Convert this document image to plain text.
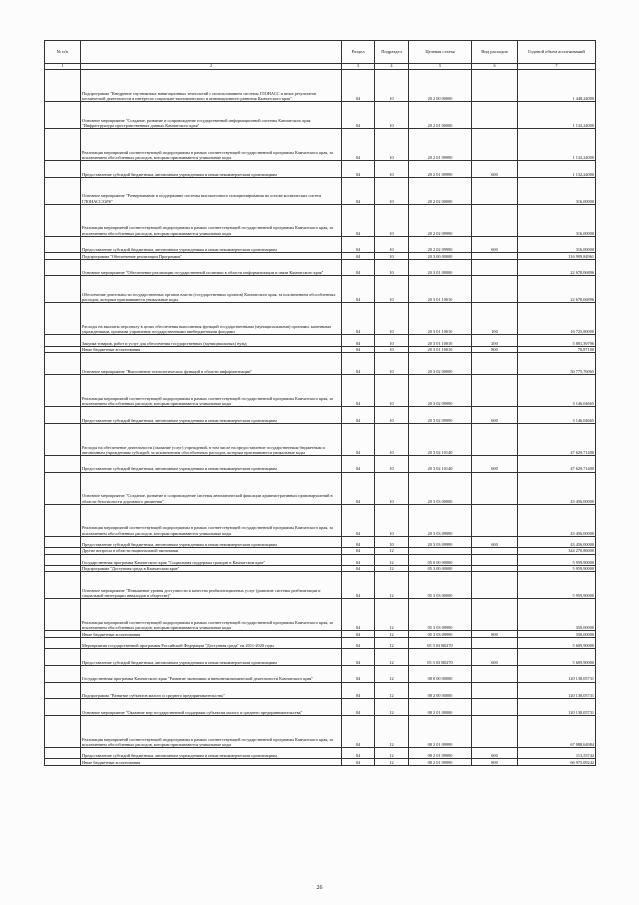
№ п/п		Раздел	Подраздел	Целевая статья	Вид расходов	Годовой объем ассигнований
1	2	3	4	5	6	7
	Подпрограмма "Внедрение спутниковых навигационных технологий с использованием системы ГЛОНАСС и иных результатов космической деятельности в интересах социально-экономического и инновационного развития Камчатского края"	04	10	20 2 00 00000		1 448,24000
	Основное мероприятие "Создание, развитие и сопровождение государственной информационной системы Камчатского края "Инфраструктура пространственных данных Камчатского края"	04	10	20 2 01 00000		1 132,24000
	Реализация мероприятий соответствующей подпрограммы в рамках соответствующей государственной программы Камчатского края, за исключением обособленных расходов, которым присваиваются уникальные коды	04	10	20 2 01 09990		1 132,24000
	Предоставление субсидий бюджетным, автономным учреждениям и иным некоммерческим организациям	04	10	20 2 01 09990	600	1 132,24000
	Основное мероприятие "Развертывание и поддержание системы высокоточного позиционирования на основе космических систем ГЛОНАСС/GPS"	04	10	20 2 02 00000		316,00000
	Реализация мероприятий соответствующей подпрограммы в рамках соответствующей государственной программы Камчатского края, за исключением обособленных расходов, которым присваиваются уникальные коды	04	10	20 2 02 09990		316,00000
	Предоставление субсидий бюджетным, автономным учреждениям и иным некоммерческим организациям	04	10	20 2 02 09990	600	316,00000
	Подпрограмма "Обеспечение реализации Программы"	04	10	20 3 00 00000		116 909,84961
	Основное мероприятие "Обеспечение реализации государственной политики в области информатизации и связи Камчатского края"	04	10	20 3 01 00000		22 678,06896
	Обеспечение деятельности государственных органов власти (государственных органов) Камчатского края, за исключением обособленных расходов, которым присваиваются уникальные коды	04	10	20 3 01 10010		22 678,06896
	Расходы на выплаты персоналу в целях обеспечения выполнения функций государственными (муниципальными) органами, казенными учреждениями, органами управления государственными внебюджетными фондами	04	10	20 3 01 10010	100	16 725,80000
	Закупка товаров, работ и услуг для обеспечения государственных (муниципальных) нужд	04	10	20 3 01 10010	200	5 881,39796
	Иные бюджетные ассигнования	04	10	20 3 01 10010	800	70,87100
	Основное мероприятие "Выполнение технологических функций в области информатизации"	04	10	20 3 02 00000		50 775,76065
	Реализация мероприятий соответствующей подпрограммы в рамках соответствующей государственной программы Камчатского края, за исключением обособленных расходов, которым присваиваются уникальные коды	04	10	20 3 02 09990		3 146,04665
	Предоставление субсидий бюджетным, автономным учреждениям и иным некоммерческим организациям	04	10	20 3 02 09990	600	3 146,04665
	Расходы на обеспечение деятельности (оказание услуг) учреждений, в том числе на предоставление государственным бюджетным и автономным учреждениям субсидий, за исключением обособленных расходов, которым присваиваются уникальные коды	04	10	20 3 02 10140		47 629,71400
	Предоставление субсидий бюджетным, автономным учреждениям и иным некоммерческим организациям	04	10	20 3 02 10140	600	47 629,71400
	Основное мероприятие "Создание, развитие и сопровождение системы автоматической фиксации административных правонарушений в области безопасности дорожного движения"	04	10	20 3 03 00000		43 456,00000
	Реализация мероприятий соответствующей подпрограммы в рамках соответствующей государственной программы Камчатского края, за исключением обособленных расходов, которым присваиваются уникальные коды	04	10	20 3 03 09990		43 456,00000
	Предоставление субсидий бюджетным, автономным учреждениям и иным некоммерческим организациям	04	10	20 3 03 09990	600	43 456,00000
	Другие вопросы в области национальной экономики	04	12			344 270,86000
	Государственная программа Камчатского края "Социальная поддержка граждан в Камчатском крае"	04	12	05 0 00 00000		5 959,90000
	Подпрограмма "Доступная среда в Камчатском крае"	04	12	05 3 00 00000		5 959,90000
	Основное мероприятие "Повышение уровня доступности и качества реабилитационных услуг (развитие системы реабилитации и социальной интеграции инвалидов в обществе)"	04	12	05 3 03 00000		5 959,90000
	Реализация мероприятий соответствующей подпрограммы в рамках соответствующей государственной программы Камчатского края, за исключением обособленных расходов, которым присваиваются уникальные коды	04	12	05 3 03 09990		350,00000
	Иные бюджетные ассигнования	04	12	05 3 03 09990	800	350,00000
	Мероприятия государственной программы Российской Федерации "Доступная среда" на 2011-2020 годы	04	12	05 3 03 R0270		5 609,90000
	Предоставление субсидий бюджетным, автономным учреждениям и иным некоммерческим организациям	04	12	05 3 03 R0270	600	5 609,90000
	Государственная программа Камчатского края "Развитие экономики и внешнеэкономической деятельности Камчатского края"	04	12	08 0 00 00000		120 138,05731
	Подпрограмма "Развитие субъектов малого и среднего предпринимательства"	04	12	08 2 00 00000		120 138,05731
	Основное мероприятие "Оказание мер государственной поддержки субъектам малого и среднего предпринимательства"	04	12	08 2 01 00000		120 138,05731
	Реализация мероприятий соответствующей подпрограммы в рамках соответствующей государственной программы Камчатского края, за исключением обособленных расходов, которым присваиваются уникальные коды	04	12	08 2 01 09990		67 088,64984
	Предоставление субсидий бюджетным, автономным учреждениям и иным некоммерческим организациям	04	12	08 2 01 09990	600	113,55742
	Иные бюджетные ассигнования	04	12	08 2 01 09990	800	66 975,09242
26
